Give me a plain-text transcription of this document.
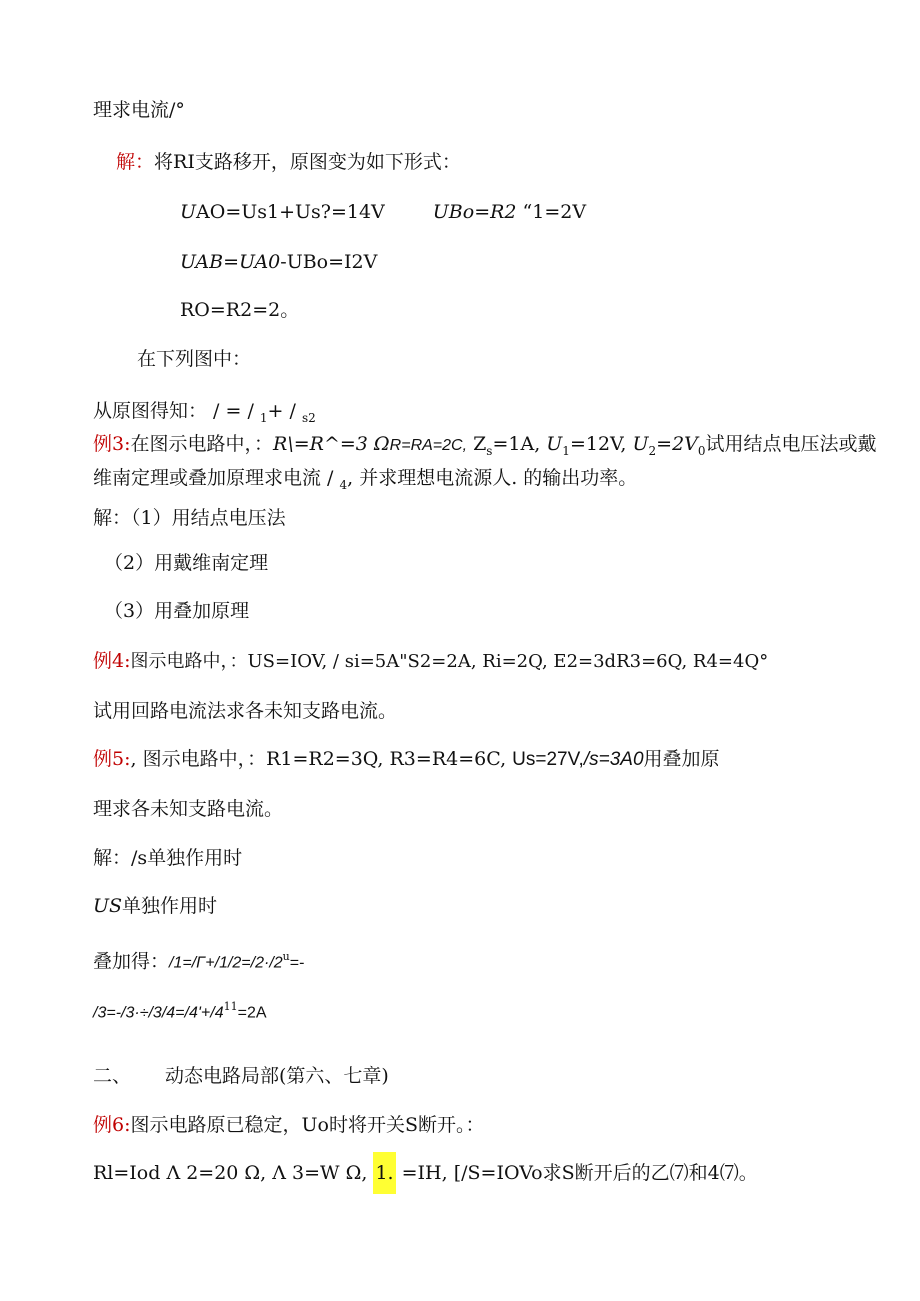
理求电流/°
解：将RI支路移开，原图变为如下形式：
UAO=Us1+Us?=14V	UBo=R2 “1=2V
UAB=UA0-UBo=I2V
RO=R2=2。
在下列图中：
从原图得知： / = / $_1$+ / $_{s2}$
例3:在图示电路中，：R\=R^=3 ΩR=RA=2C, $Z_s=1A$, $U_1=12V$, $U_2=2V_0$试用结点电压法或戴
维南定理或叠加原理求电流 / $_4$, 并求理想电流源人. 的输出功率。
解：（1）用结点电压法
（2）用戴维南定理
（3）用叠加原理
例4:图示电路中，：US=IOV, / si=5A"S2=2A, Ri=2Q, E2=3dR3=6Q, R4=4Q°
试用回路电流法求各未知支路电流。
例5:, 图示电路中，：R1=R2=3Q, R3=R4=6C, Us=27V,/s=3A0用叠加原
理求各未知支路电流。
解：/s单独作用时
US单独作用时
叠加得：$/1=/\Gamma+/1/2=/2\cdot/2^u=-$
$/3=-/3\cdot\div/3/4=/4'+/4^{11}=2A$
二、 动态电路局部(第六、七章)
例6:图示电路原已稳定，Uo时将开关S断开。：
Rl=Iod Λ 2=20 Ω, Λ 3=W Ω, 1. =IH, [/S=IOVo求S断开后的乙⑺和4⑺。
